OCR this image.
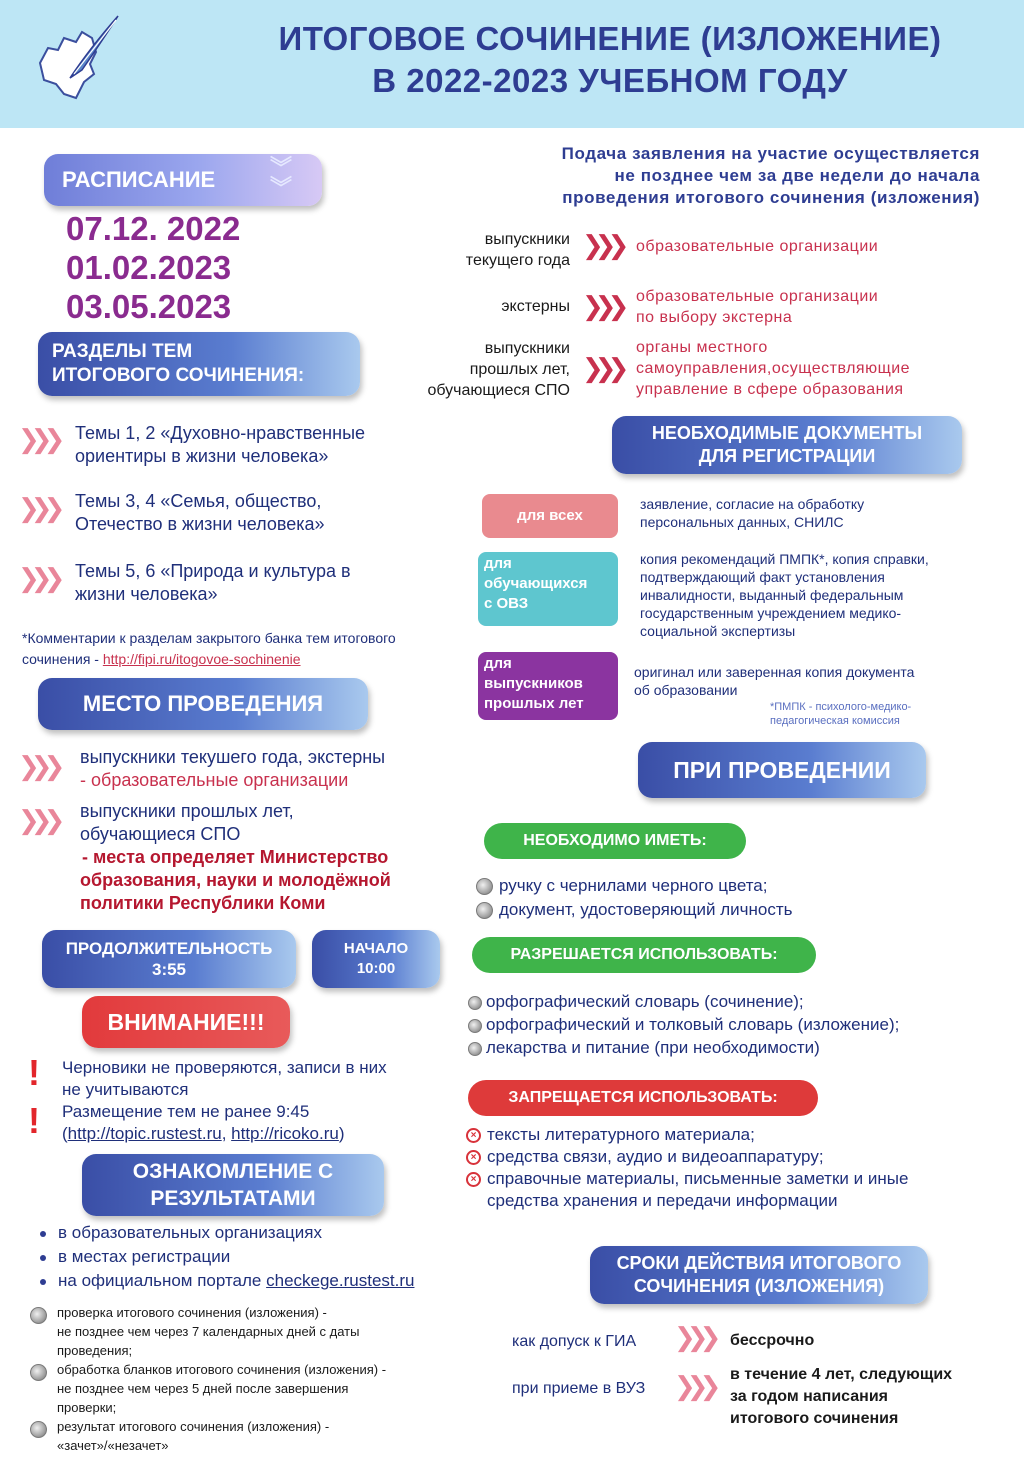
ИТОГОВОЕ СОЧИНЕНИЕ (ИЗЛОЖЕНИЕ)
В 2022-2023 УЧЕБНОМ ГОДУ
РАСПИСАНИЕ ︾
︾
07.12. 2022
01.02.2023
03.05.2023
Подача заявления на участие осуществляется
не позднее чем за две недели до начала
проведения итогового сочинения (изложения)
выпускники
текущего года ❯❯❯ образовательные организации
экстерны ❯❯❯ образовательные организации
по выбору экстерна
выпускники
прошлых лет,
обучающиеся СПО
❯❯❯
органы местного
самоуправления,осуществляющие
управление в сфере образования
РАЗДЕЛЫ ТЕМ
ИТОГОВОГО СОЧИНЕНИЯ:
❯❯❯ Темы 1, 2 «Духовно-нравственные
ориентиры в жизни человека»
❯❯❯ Темы 3, 4 «Семья, общество,
Отечество в жизни человека»
❯❯❯ Темы 5, 6 «Природа и культура в
жизни человека»
*Комментарии к разделам закрытого банка тем итогового
сочинения - http://fipi.ru/itogovoe-sochinenie
НЕОБХОДИМЫЕ ДОКУМЕНТЫ
ДЛЯ РЕГИСТРАЦИИ
для всех
заявление, согласие на обработку
персональных данных, СНИЛС
для
обучающихся
с ОВЗ
копия рекомендаций ПМПК*, копия справки,
подтверждающий факт установления
инвалидности, выданный федеральным
государственным учреждением медико-
социальной экспертизы
для
выпускников
прошлых лет
оригинал или заверенная копия документа
об образовании
*ПМПК - психолого-медико-
педагогическая комиссия
МЕСТО ПРОВЕДЕНИЯ
❯❯❯ выпускники текушего года, экстерны
- образовательные организации
❯❯❯ выпускники прошлых лет,
обучающиеся СПО
- места определяет Министерство
образования, науки и молодёжной
политики Республики Коми
ПРИ ПРОВЕДЕНИИ
НЕОБХОДИМО ИМЕТЬ:
ручку с чернилами черного цвета;
документ, удостоверяющий личность
РАЗРЕШАЕТСЯ ИСПОЛЬЗОВАТЬ:
орфографический словарь (сочинение);
орфографический и толковый словарь (изложение);
лекарства и питание (при необходимости)
ЗАПРЕЩАЕТСЯ ИСПОЛЬЗОВАТЬ:
× тексты литературного материала;
× средства связи, аудио и видеоаппаратуру;
× справочные материалы, письменные заметки и иные
средства хранения и передачи информации
ПРОДОЛЖИТЕЛЬНОСТЬ
3:55
НАЧАЛО
10:00
ВНИМАНИЕ!!!
!
!
Черновики не проверяются, записи в них
не учитываются
Размещение тем не ранее 9:45
(http://topic.rustest.ru, http://ricoko.ru)
ОЗНАКОМЛЕНИЕ С
РЕЗУЛЬТАТАМИ
в образовательных организациях
в местах регистрации
на официальном портале checkege.rustest.ru
проверка итогового сочинения (изложения) -
не позднее чем через 7 календарных дней с даты
проведения;
обработка бланков итогового сочинения (изложения) -
не позднее чем через 5 дней после завершения
проверки;
результат итогового сочинения (изложения) -
«зачет»/«незачет»
СРОКИ ДЕЙСТВИЯ ИТОГОВОГО
СОЧИНЕНИЯ (ИЗЛОЖЕНИЯ)
как допуск к ГИА ❯❯❯ бессрочно
при приеме в ВУЗ ❯❯❯ в течение 4 лет, следующих
за годом написания
итогового сочинения
